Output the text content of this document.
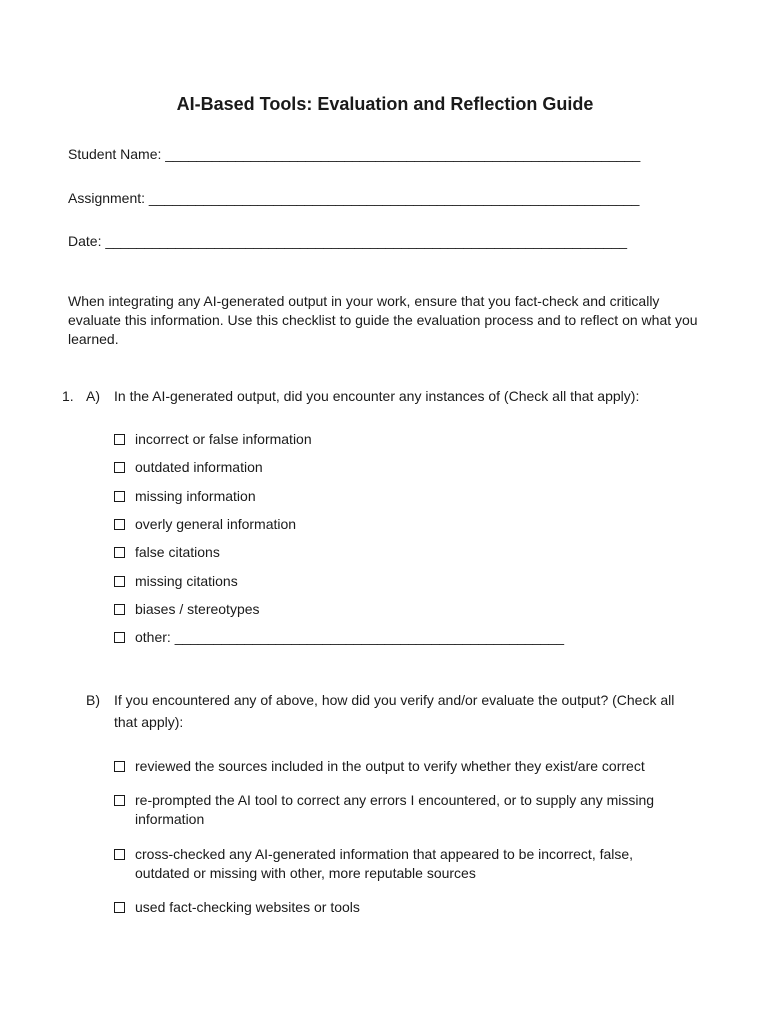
AI-Based Tools: Evaluation and Reflection Guide
Student Name: _____________________________________________________________
Assignment: _______________________________________________________________
Date: ___________________________________________________________________
When integrating any AI-generated output in your work, ensure that you fact-check and critically evaluate this information. Use this checklist to guide the evaluation process and to reflect on what you learned.
1. A) In the AI-generated output, did you encounter any instances of (Check all that apply):
incorrect or false information
outdated information
missing information
overly general information
false citations
missing citations
biases / stereotypes
other: __________________________________________________
B) If you encountered any of above, how did you verify and/or evaluate the output? (Check all
that apply):
reviewed the sources included in the output to verify whether they exist/are correct
re-prompted the AI tool to correct any errors I encountered, or to supply any missing information
cross-checked any AI-generated information that appeared to be incorrect, false, outdated or missing with other, more reputable sources
used fact-checking websites or tools
